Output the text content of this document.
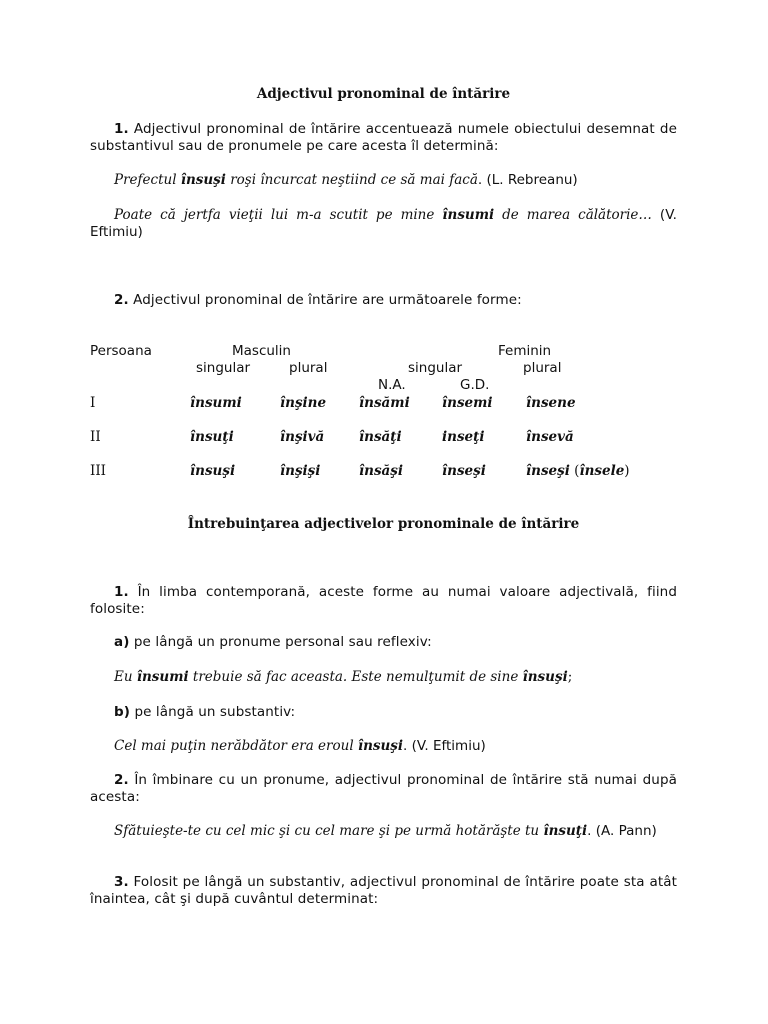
Adjectivul pronominal de întărire
1. Adjectivul pronominal de întărire accentuează numele obiectului desemnat de substantivul sau de pronumele pe care acesta îl determină:
Prefectul însuşi roşi încurcat neştiind ce să mai facă. (L. Rebreanu)
Poate că jertfa vieţii lui m-a scutit pe mine însumi de marea călătorie… (V. Eftimiu)
2. Adjectivul pronominal de întărire are următoarele forme:
Persoana	Masculin	Feminin
singular	plural	singular	plural
N.A.	G.D.
I	însumi	înşine însămi însemi însene
II	însuţi	înşivă	însăţi	inseţi	însevă
III	însuşi	înşişi	însăşi	înseşi	înseşi (însele)
Întrebuinţarea adjectivelor pronominale de întărire
1. În limba contemporană, aceste forme au numai valoare adjectivală, fiind folosite:
a) pe lângă un pronume personal sau reflexiv:
Eu însumi trebuie să fac aceasta. Este nemulţumit de sine însuşi;
b) pe lângă un substantiv:
Cel mai puţin nerăbdător era eroul însuşi. (V. Eftimiu)
2. În îmbinare cu un pronume, adjectivul pronominal de întărire stă numai după acesta:
Sfătuieşte-te cu cel mic şi cu cel mare şi pe urmă hotărăşte tu însuţi. (A. Pann)
3. Folosit pe lângă un substantiv, adjectivul pronominal de întărire poate sta atât înaintea, cât şi după cuvântul determinat:
